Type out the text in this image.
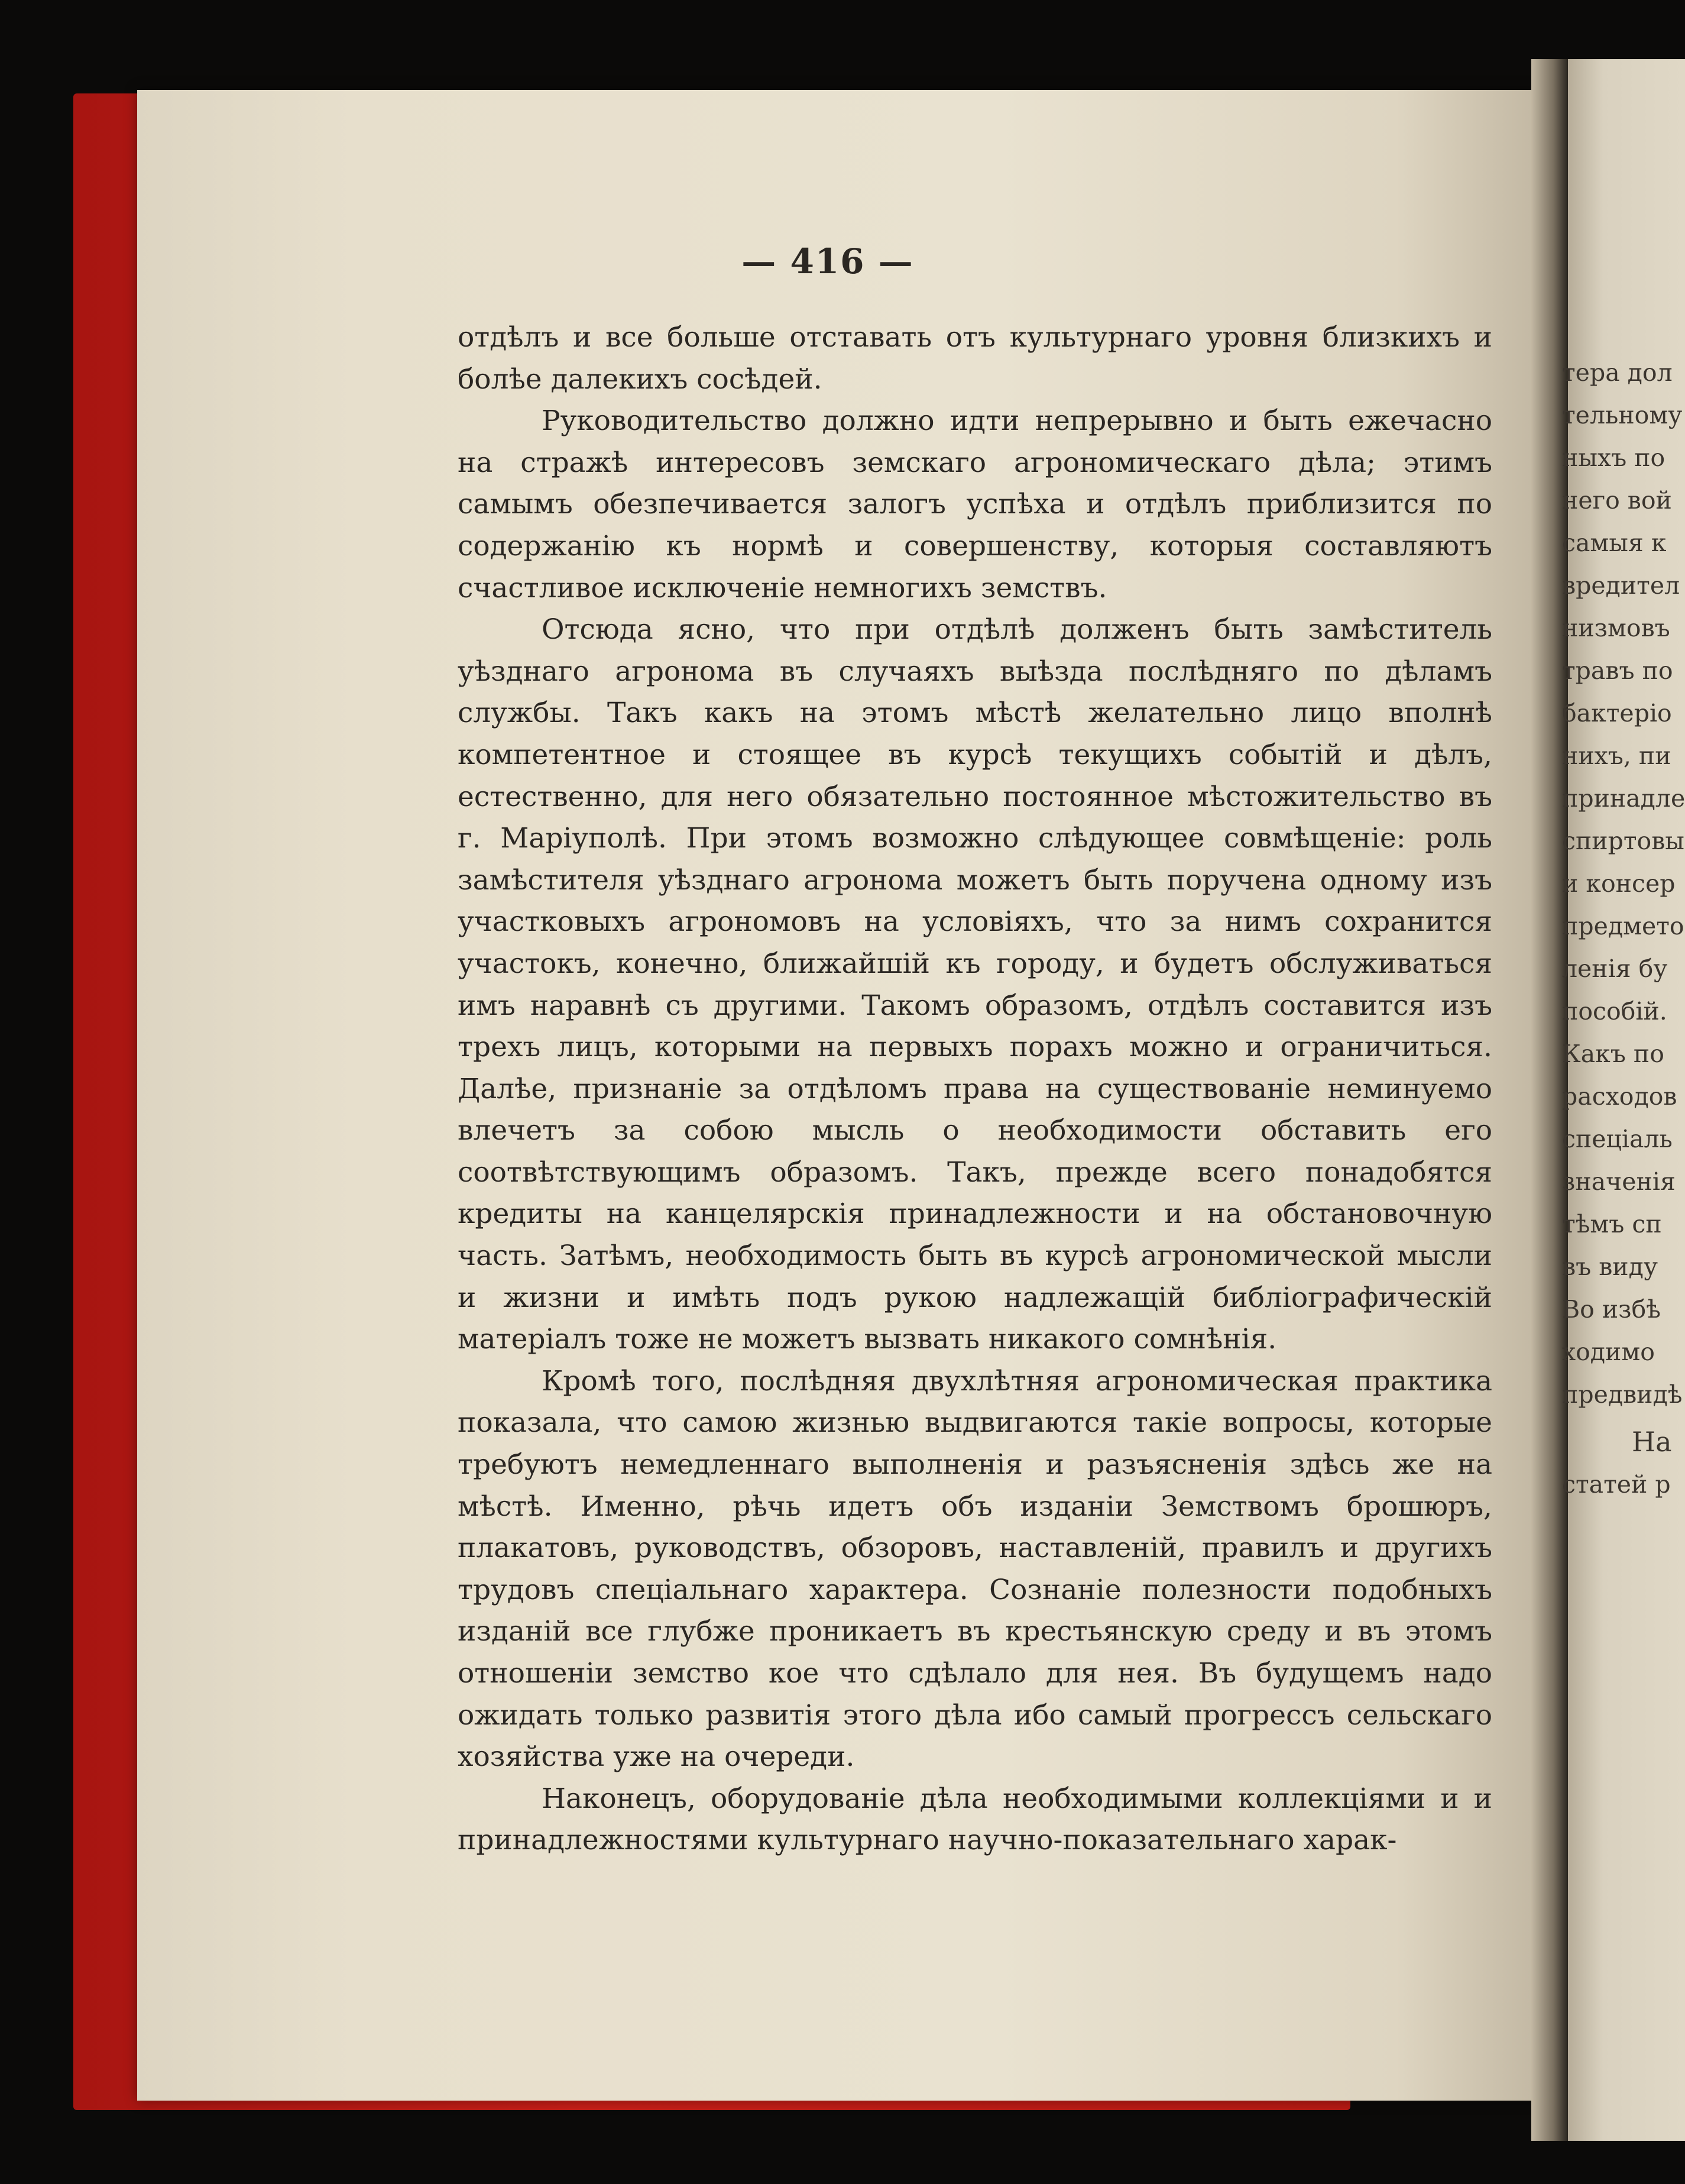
— 416 —

отдѣлъ и все больше отставать отъ культурнаго уровня близкихъ и болѣе далекихъ сосѣдей.

Руководительство должно идти непрерывно и быть ежечасно на стражѣ интересовъ земскаго агрономическаго дѣла; этимъ самымъ обезпечивается залогъ успѣха и отдѣлъ приблизится по содержанію къ нормѣ и совершенству, которыя составляютъ счастливое исключеніе немногихъ земствъ.

Отсюда ясно, что при отдѣлѣ долженъ быть замѣститель уѣзднаго агронома въ случаяхъ выѣзда послѣдняго по дѣламъ службы. Такъ какъ на этомъ мѣстѣ желательно лицо вполнѣ компетентное и стоящее въ курсѣ текущихъ событій и дѣлъ, естественно, для него обязательно постоянное мѣстожительство въ г. Маріуполѣ. При этомъ возможно слѣдующее совмѣщеніе: роль замѣстителя уѣзднаго агронома можетъ быть поручена одному изъ участковыхъ агрономовъ на условіяхъ, что за нимъ сохранится участокъ, конечно, ближайшій къ городу, и будетъ обслуживаться имъ наравнѣ съ другими. Такомъ образомъ, отдѣлъ составится изъ трехъ лицъ, которыми на первыхъ порахъ можно и ограничиться. Далѣе, признаніе за отдѣломъ права на существованіе неминуемо влечетъ за собою мысль о необходимости обставить его соотвѣтствующимъ образомъ. Такъ, прежде всего понадобятся кредиты на канцелярскія принадлежности и на обстановочную часть. Затѣмъ, необходимость быть въ курсѣ агрономической мысли и жизни и имѣть подъ рукою надлежащій библіографическій матеріалъ тоже не можетъ вызвать никакого сомнѣнія.

Кромѣ того, послѣдняя двухлѣтняя агрономическая практика показала, что самою жизнью выдвигаются такіе вопросы, которые требуютъ немедленнаго выполненія и разъясненія здѣсь же на мѣстѣ. Именно, рѣчь идетъ объ изданіи Земствомъ брошюръ, плакатовъ, руководствъ, обзоровъ, наставленій, правилъ и другихъ трудовъ спеціальнаго характера. Сознаніе полезности подобныхъ изданій все глубже проникаетъ въ крестьянскую среду и въ этомъ отношеніи земство кое что сдѣлало для нея. Въ будущемъ надо ожидать только развитія этого дѣла ибо самый прогрессъ сельскаго хозяйства уже на очереди.

Наконецъ, оборудованіе дѣла необходимыми коллекціями и и принадлежностями культурнаго научно-показательнаго харак-

тера дол
тельному
ныхъ по
него вой
самыя к
вредител
низмовъ
травъ по
бактеріо
нихъ, пи
принадле
спиртовы
и консер
предмето
ленія бу
пособій.
Какъ по
расходов
спеціаль
значенія
тѣмъ сп
въ виду
Во избѣ
ходимо
предвидѣ
На
статей р
